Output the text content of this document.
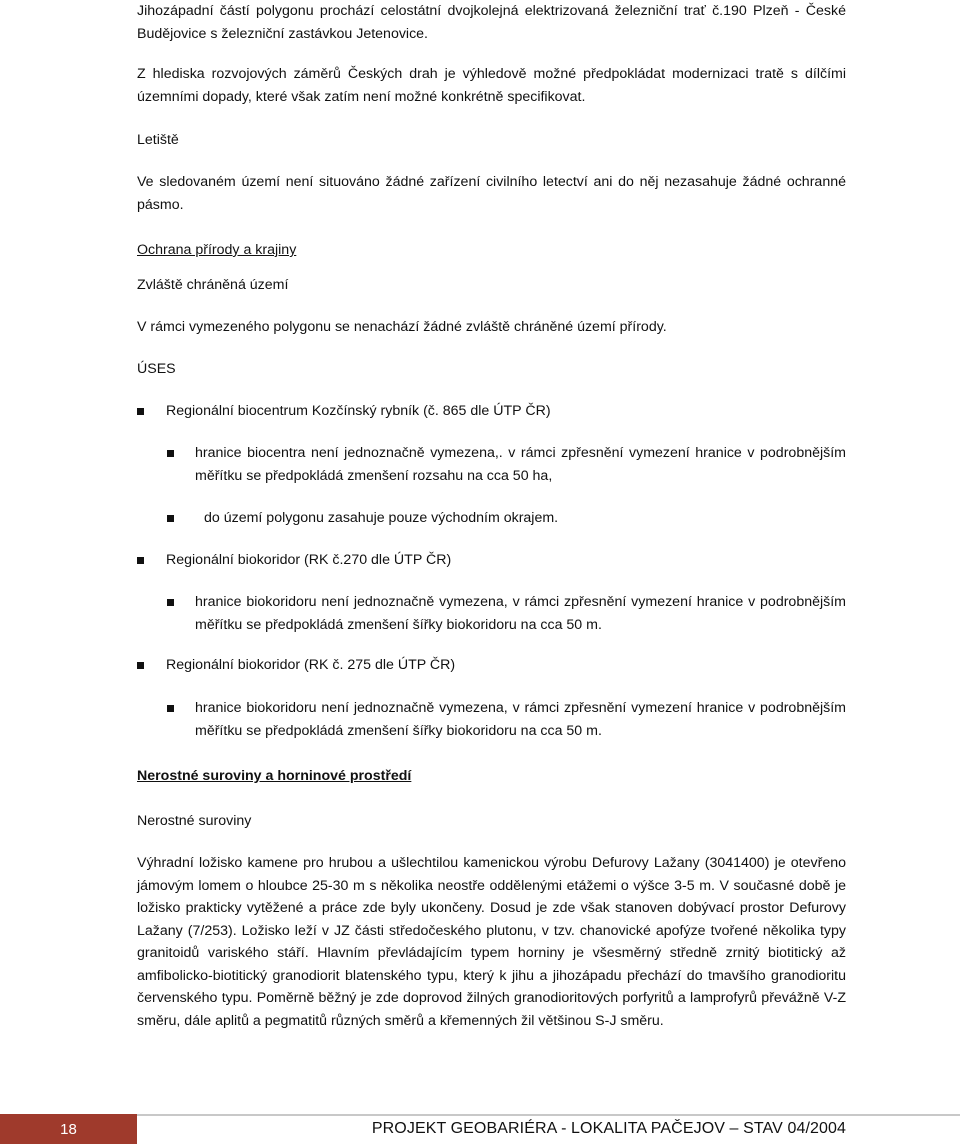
Jihozápadní částí polygonu prochází celostátní dvojkolejná elektrizovaná železniční trať č.190 Plzeň - České Budějovice s železniční zastávkou Jetenovice.

Z hlediska rozvojových záměrů Českých drah je výhledově možné předpokládat modernizaci tratě s dílčími územními dopady, které však zatím není možné konkrétně specifikovat.

Letiště

Ve sledovaném území není situováno žádné zařízení civilního letectví ani do něj nezasahuje žádné ochranné pásmo.

Ochrana přírody a krajiny

Zvláště chráněná území

V rámci vymezeného polygonu se nenachází žádné zvláště chráněné území přírody.

ÚSES

Regionální biocentrum Kozčínský rybník (č. 865 dle ÚTP ČR)
hranice biocentra není jednoznačně vymezena,. v rámci zpřesnění vymezení hranice v podrobnějším měřítku se předpokládá zmenšení rozsahu na cca 50 ha,
do území polygonu zasahuje pouze východním okrajem.
Regionální biokoridor (RK č.270 dle ÚTP ČR)
hranice biokoridoru není jednoznačně vymezena, v rámci zpřesnění vymezení hranice v podrobnějším měřítku se předpokládá zmenšení šířky biokoridoru na cca 50 m.
Regionální biokoridor (RK č. 275 dle ÚTP ČR)
hranice biokoridoru není jednoznačně vymezena, v rámci zpřesnění vymezení hranice v podrobnějším měřítku se předpokládá zmenšení šířky biokoridoru na cca 50 m.

Nerostné suroviny a horninové prostředí

Nerostné suroviny

Výhradní ložisko kamene pro hrubou a ušlechtilou kamenickou výrobu Defurovy Lažany (3041400) je otevřeno jámovým lomem o hloubce 25-30 m s několika neostře oddělenými etážemi o výšce 3-5 m. V současné době je ložisko prakticky vytěžené a práce zde byly ukončeny. Dosud je zde však stanoven dobývací prostor Defurovy Lažany (7/253). Ložisko leží v JZ části středočeského plutonu, v tzv. chanovické apofýze tvořené několika typy granitoidů variského stáří. Hlavním převládajícím typem horniny je všesměrný středně zrnitý biotitický až amfibolicko-biotitický granodiorit blatenského typu, který k jihu a jihozápadu přechází do tmavšího granodioritu červenského typu. Poměrně běžný je zde doprovod žilných granodioritových porfyritů a lamprofyrů převážně V-Z směru, dále aplitů a pegmatitů různých směrů a křemenných žil většinou S-J směru.

18	PROJEKT GEOBARIÉRA - LOKALITA PAČEJOV – STAV 04/2004
